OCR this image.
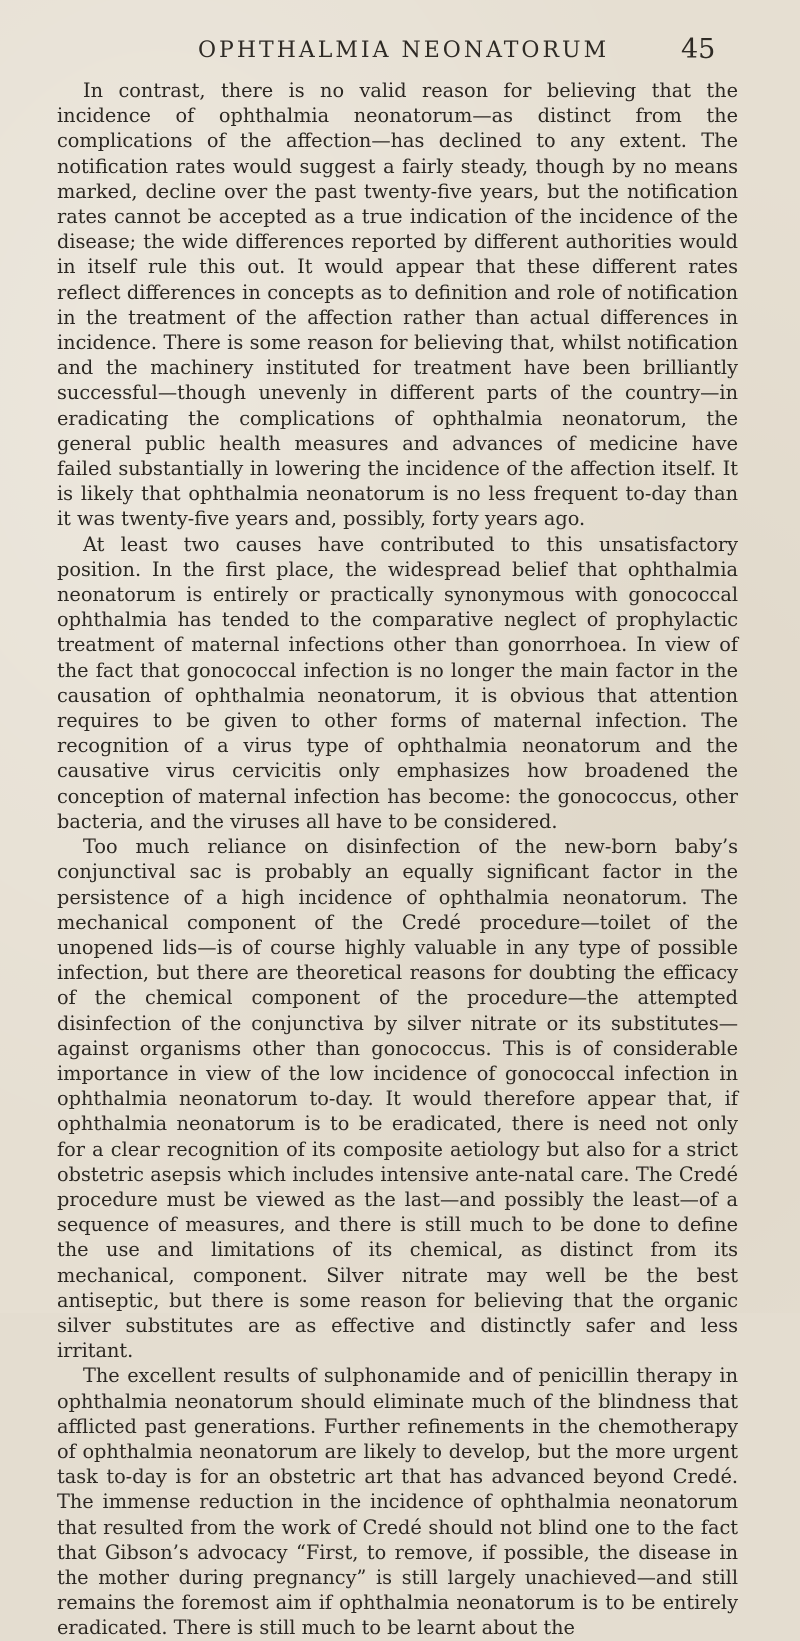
OPHTHALMIA NEONATORUM	45

In contrast, there is no valid reason for believing that the incidence of ophthalmia neonatorum—as distinct from the complications of the affection—has declined to any extent. The notification rates would suggest a fairly steady, though by no means marked, decline over the past twenty-five years, but the notification rates cannot be accepted as a true indication of the incidence of the disease; the wide differences reported by different authorities would in itself rule this out. It would appear that these different rates reflect differences in concepts as to definition and role of notification in the treatment of the affection rather than actual differences in incidence. There is some reason for believing that, whilst notification and the machinery instituted for treatment have been brilliantly successful—though unevenly in different parts of the country—in eradicating the complications of ophthalmia neonatorum, the general public health measures and advances of medicine have failed substantially in lowering the incidence of the affection itself. It is likely that ophthalmia neonatorum is no less frequent to-day than it was twenty-five years and, possibly, forty years ago.

At least two causes have contributed to this unsatisfactory position. In the first place, the widespread belief that ophthalmia neonatorum is entirely or practically synonymous with gonococcal ophthalmia has tended to the comparative neglect of prophylactic treatment of maternal infections other than gonorrhoea. In view of the fact that gonococcal infection is no longer the main factor in the causation of ophthalmia neonatorum, it is obvious that attention requires to be given to other forms of maternal infection. The recognition of a virus type of ophthalmia neonatorum and the causative virus cervicitis only emphasizes how broadened the conception of maternal infection has become: the gonococcus, other bacteria, and the viruses all have to be considered.

Too much reliance on disinfection of the new-born baby’s conjunctival sac is probably an equally significant factor in the persistence of a high incidence of ophthalmia neonatorum. The mechanical component of the Credé procedure—toilet of the unopened lids—is of course highly valuable in any type of possible infection, but there are theoretical reasons for doubting the efficacy of the chemical component of the procedure—the attempted disinfection of the conjunctiva by silver nitrate or its substitutes—against organisms other than gonococcus. This is of considerable importance in view of the low incidence of gonococcal infection in ophthalmia neonatorum to-day. It would therefore appear that, if ophthalmia neonatorum is to be eradicated, there is need not only for a clear recognition of its composite aetiology but also for a strict obstetric asepsis which includes intensive ante-natal care. The Credé procedure must be viewed as the last—and possibly the least—of a sequence of measures, and there is still much to be done to define the use and limitations of its chemical, as distinct from its mechanical, component. Silver nitrate may well be the best antiseptic, but there is some reason for believing that the organic silver substitutes are as effective and distinctly safer and less irritant.

The excellent results of sulphonamide and of penicillin therapy in ophthalmia neonatorum should eliminate much of the blindness that afflicted past generations. Further refinements in the chemotherapy of ophthalmia neonatorum are likely to develop, but the more urgent task to-day is for an obstetric art that has advanced beyond Credé. The immense reduction in the incidence of ophthalmia neonatorum that resulted from the work of Credé should not blind one to the fact that Gibson’s advocacy “First, to remove, if possible, the disease in the mother during pregnancy” is still largely unachieved—and still remains the foremost aim if ophthalmia neonatorum is to be entirely eradicated. There is still much to be learnt about the
